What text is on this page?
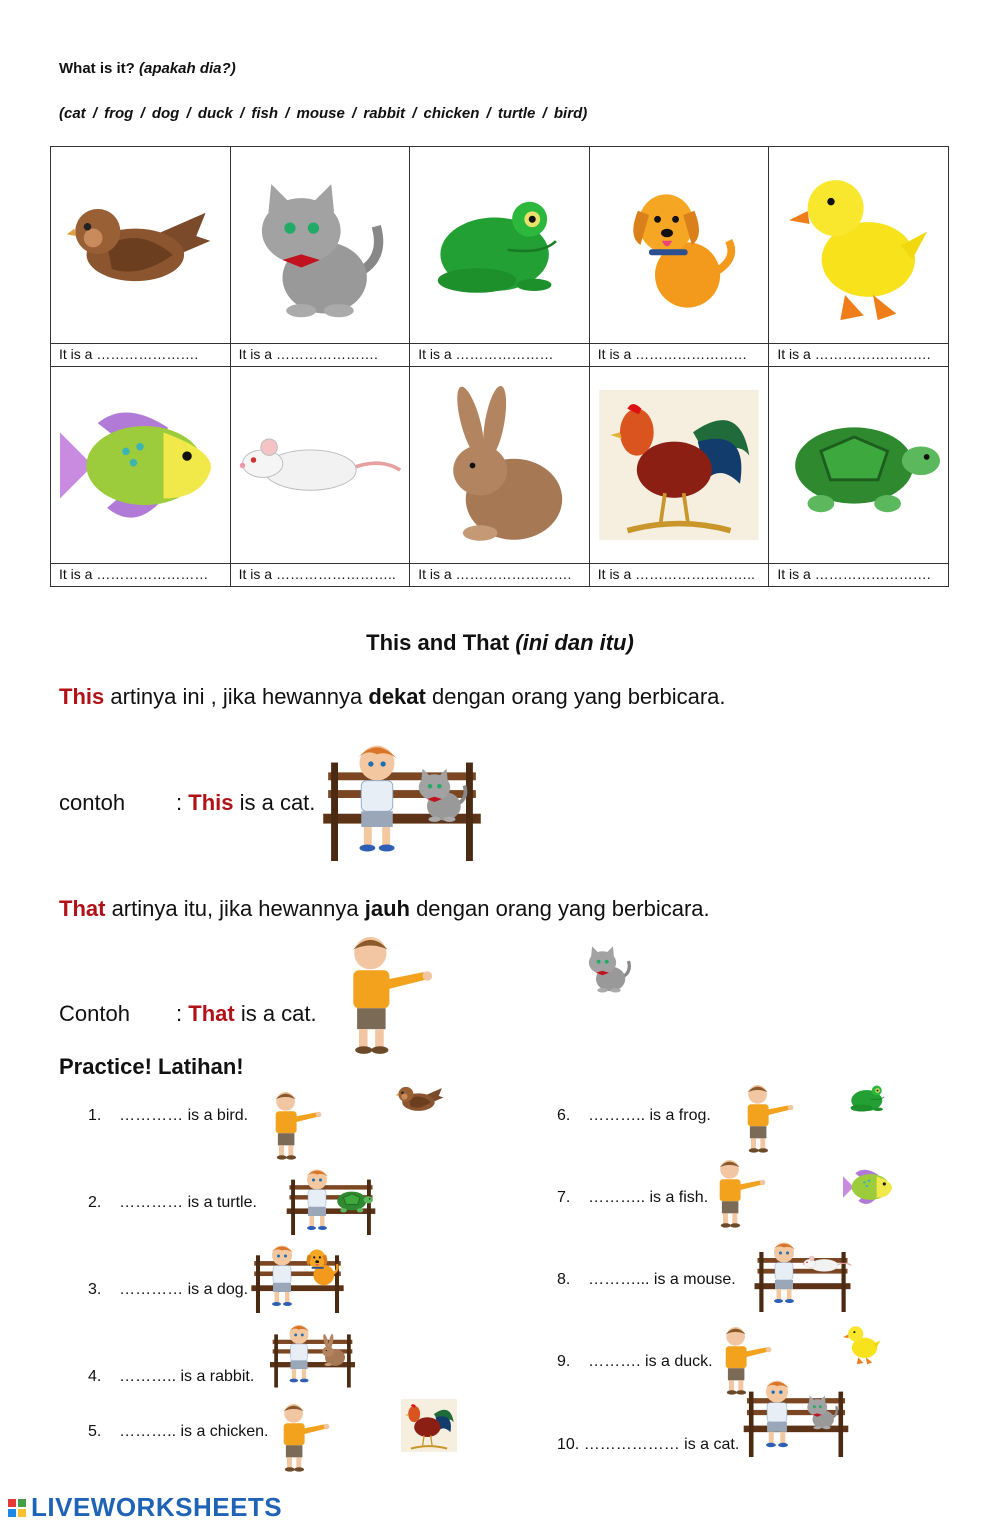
What is it? (apakah dia?)
(cat / frog / dog / duck / fish / mouse / rabbit / chicken / turtle / bird)
It is a ………………….	It is a ………………….	It is a …………………	It is a ……………………	It is a …………………….

It is a ……………………	It is a ……………………..	It is a …………………….	It is a ……………………..	It is a …………………….
This and That (ini dan itu)
This artinya ini , jika hewannya dekat dengan orang yang berbicara.
contoh : This is a cat.
That artinya itu, jika hewannya jauh dengan orang yang berbicara.
Contoh : That is a cat.
Practice! Latihan!
1. ………… is a bird.
2. ………… is a turtle.
3. ………… is a dog.
4. ……….. is a rabbit.
5. ……….. is a chicken.
6. ……….. is a frog.
7. ……….. is a fish.
8. ………... is a mouse.
9. ………. is a duck.
10. ……………… is a cat.
LIVEWORKSHEETS
